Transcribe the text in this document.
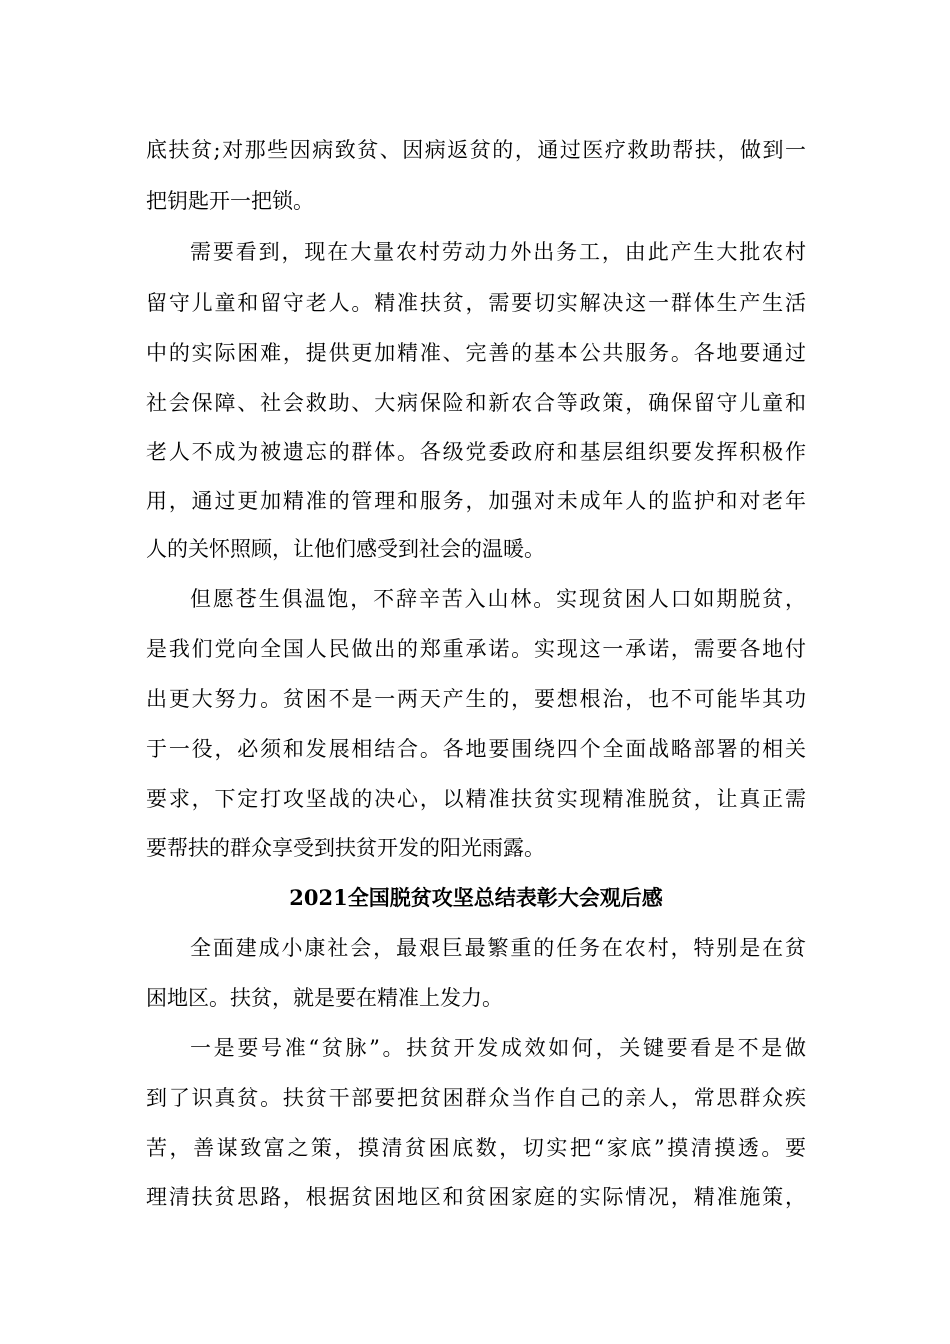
底扶贫;对那些因病致贫、因病返贫的，通过医疗救助帮扶，做到一
把钥匙开一把锁。
需要看到，现在大量农村劳动力外出务工，由此产生大批农村
留守儿童和留守老人。精准扶贫，需要切实解决这一群体生产生活
中的实际困难，提供更加精准、完善的基本公共服务。各地要通过
社会保障、社会救助、大病保险和新农合等政策，确保留守儿童和
老人不成为被遗忘的群体。各级党委政府和基层组织要发挥积极作
用，通过更加精准的管理和服务，加强对未成年人的监护和对老年
人的关怀照顾，让他们感受到社会的温暖。
但愿苍生俱温饱，不辞辛苦入山林。实现贫困人口如期脱贫，
是我们党向全国人民做出的郑重承诺。实现这一承诺，需要各地付
出更大努力。贫困不是一两天产生的，要想根治，也不可能毕其功
于一役，必须和发展相结合。各地要围绕四个全面战略部署的相关
要求，下定打攻坚战的决心，以精准扶贫实现精准脱贫，让真正需
要帮扶的群众享受到扶贫开发的阳光雨露。
2021全国脱贫攻坚总结表彰大会观后感
全面建成小康社会，最艰巨最繁重的任务在农村，特别是在贫
困地区。扶贫，就是要在精准上发力。
一是要号准“贫脉”。扶贫开发成效如何，关键要看是不是做
到了识真贫。扶贫干部要把贫困群众当作自己的亲人，常思群众疾
苦，善谋致富之策，摸清贫困底数，切实把“家底”摸清摸透。要
理清扶贫思路，根据贫困地区和贫困家庭的实际情况，精准施策，
